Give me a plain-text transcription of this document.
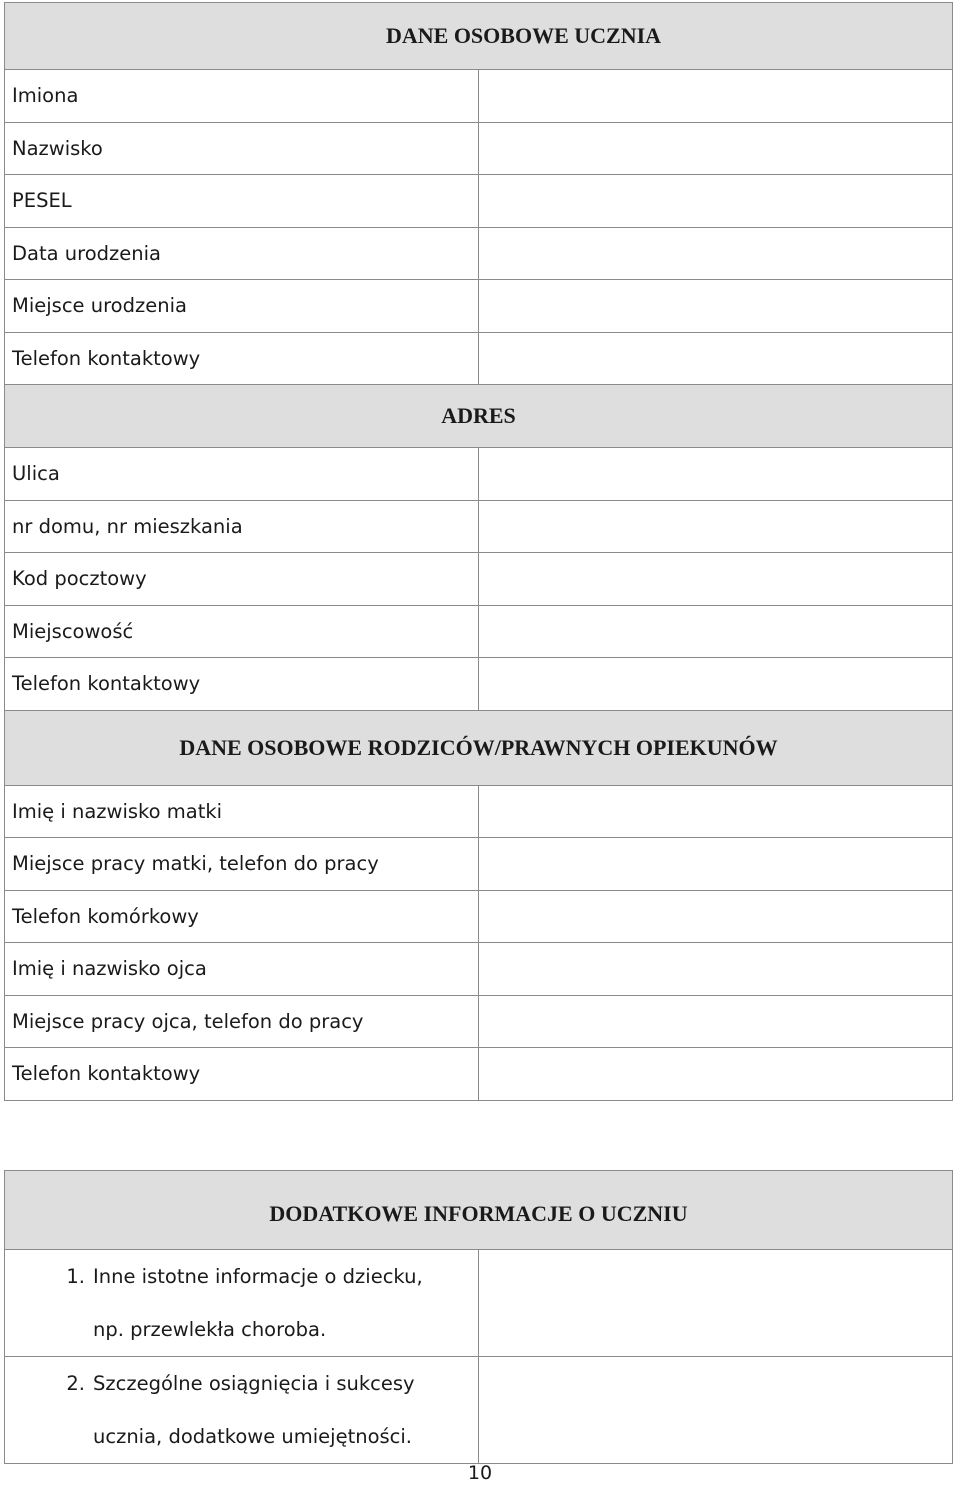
DANE OSOBOWE UCZNIA	
Imiona	
Nazwisko	
PESEL	
Data urodzenia	
Miejsce urodzenia	
Telefon kontaktowy	
ADRES	
Ulica	
nr domu, nr mieszkania	
Kod pocztowy	
Miejscowość	
Telefon kontaktowy	
DANE OSOBOWE RODZICÓW/PRAWNYCH OPIEKUNÓW	
Imię i nazwisko matki	
Miejsce pracy matki, telefon do pracy	
Telefon komórkowy	
Imię i nazwisko ojca	
Miejsce pracy ojca, telefon do pracy	
Telefon kontaktowy	
DODATKOWE INFORMACJE O UCZNIU	

1. Inne istotne informacje o dziecku,
np. przewlekła choroba.	

2. Szczególne osiągnięcia i sukcesy
ucznia, dodatkowe umiejętności.	

10
